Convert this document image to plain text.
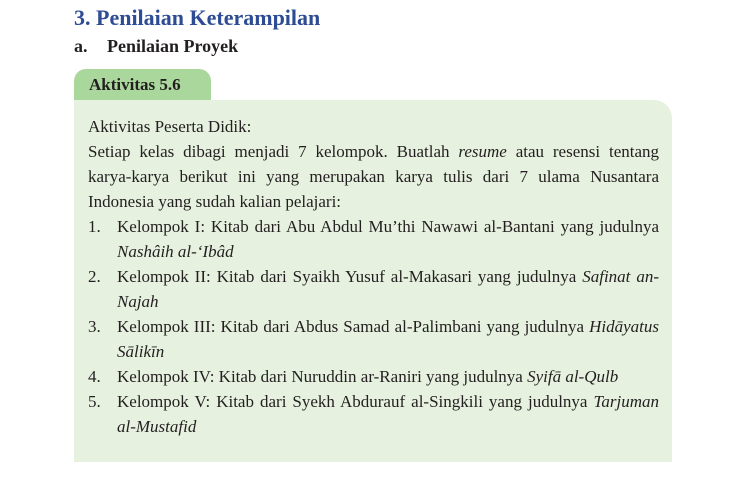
3. Penilaian Keterampilan
a. Penilaian Proyek
Aktivitas 5.6

Aktivitas Peserta Didik:

Setiap kelas dibagi menjadi 7 kelompok. Buatlah resume atau resensi tentang karya-karya berikut ini yang merupakan karya tulis dari 7 ulama Nusantara Indonesia yang sudah kalian pelajari:

1. Kelompok I: Kitab dari Abu Abdul Mu’thi Nawawi al-Bantani yang judulnya Nashâih al-‘Ibâd
2. Kelompok II: Kitab dari Syaikh Yusuf al-Makasari yang judulnya Safinat an-Najah
3. Kelompok III: Kitab dari Abdus Samad al-Palimbani yang judulnya Hidāyatus Sālikīn
4. Kelompok IV: Kitab dari Nuruddin ar-Raniri yang judulnya Syifā al-Qulb
5. Kelompok V: Kitab dari Syekh Abdurauf al-Singkili yang judulnya Tarjuman al-Mustafid
